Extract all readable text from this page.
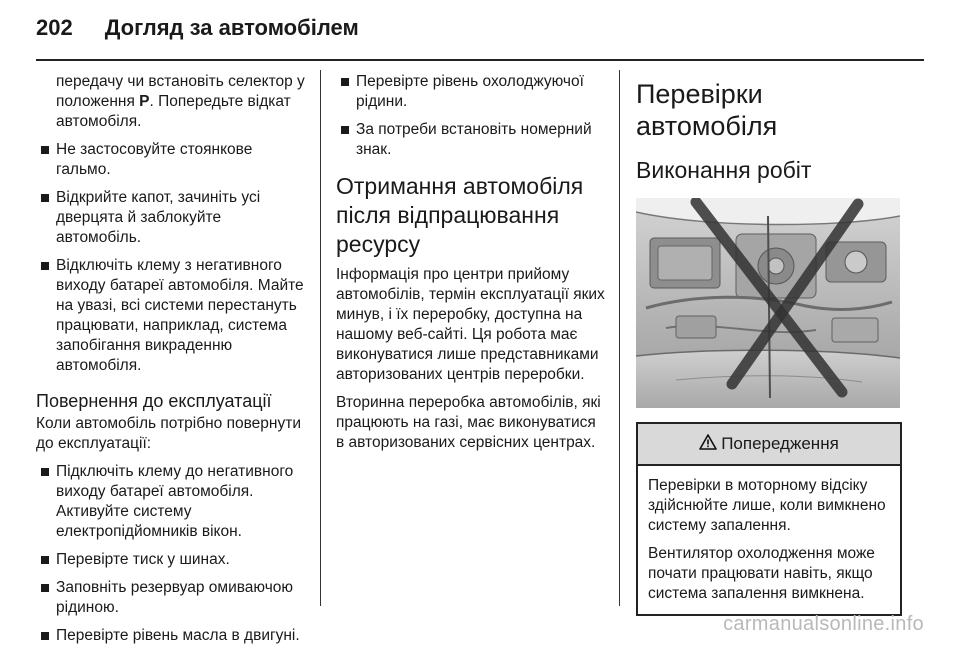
202 Догляд за автомобілем

передачу чи встановіть селектор у положення P. Попередьте відкат автомобіля.

Не застосовуйте стоянкове гальмо.
Відкрийте капот, зачиніть усі дверцята й заблокуйте автомобіль.
Відключіть клему з негативного виходу батареї автомобіля. Майте на увазі, всі системи перестануть працювати, наприклад, система запобігання викраденню автомобіля.
Повернення до експлуатації

Коли автомобіль потрібно повернути до експлуатації:

Підключіть клему до негативного виходу батареї автомобіля. Активуйте систему електропідйомників вікон.
Перевірте тиск у шинах.
Заповніть резервуар омиваючою рідиною.
Перевірте рівень масла в двигуні.
Перевірте рівень охолоджуючої рідини.
За потреби встановіть номерний знак.
Отримання автомобіля після відпрацювання ресурсу

Інформація про центри прийому автомобілів, термін експлуатації яких минув, і їх переробку, доступна на нашому веб-сайті. Ця робота має виконуватися лише представниками авторизованих центрів переробки.

Вторинна переробка автомобілів, які працюють на газі, має виконуватися в авторизованих сервісних центрах.

Перевірки автомобіля
Виконання робіт
Попередження

Перевірки в моторному відсіку здійснюйте лише, коли вимкнено систему запалення.

Вентилятор охолодження може почати працювати навіть, якщо система запалення вимкнена.

carmanualsonline.info
